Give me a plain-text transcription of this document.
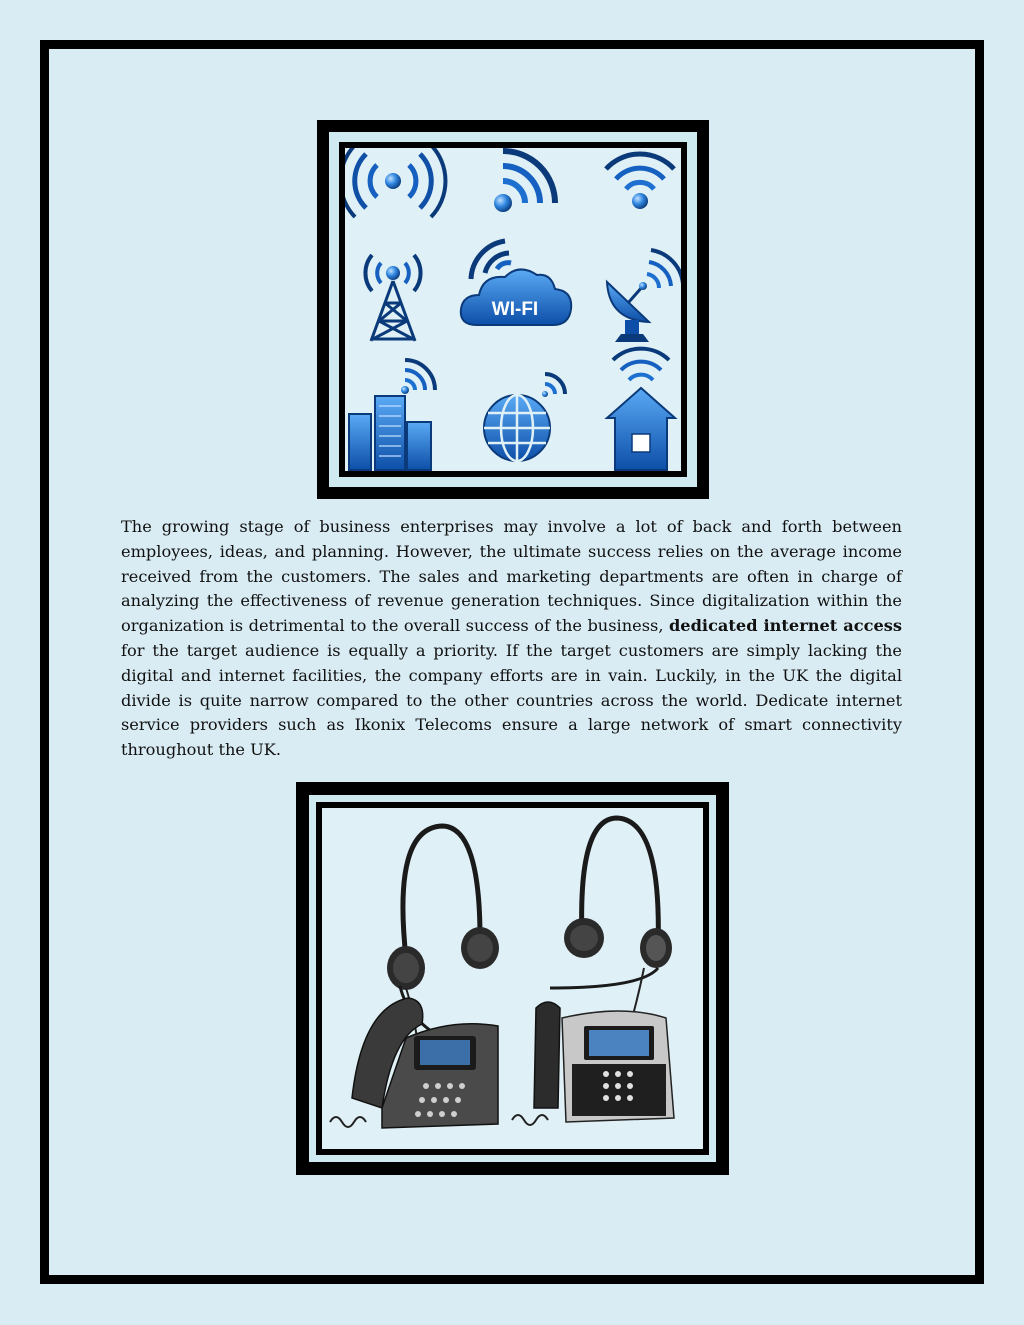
WI-FI

The growing stage of business enterprises may involve a lot of back and forth between employees, ideas, and planning. However, the ultimate success relies on the average income received from the customers. The sales and marketing departments are often in charge of analyzing the effectiveness of revenue generation techniques. Since digitalization within the organization is detrimental to the overall success of the business, dedicated internet access for the target audience is equally a priority. If the target customers are simply lacking the digital and internet facilities, the company efforts are in vain. Luckily, in the UK the digital divide is quite narrow compared to the other countries across the world. Dedicate internet service providers such as Ikonix Telecoms ensure a large network of smart connectivity throughout the UK.
